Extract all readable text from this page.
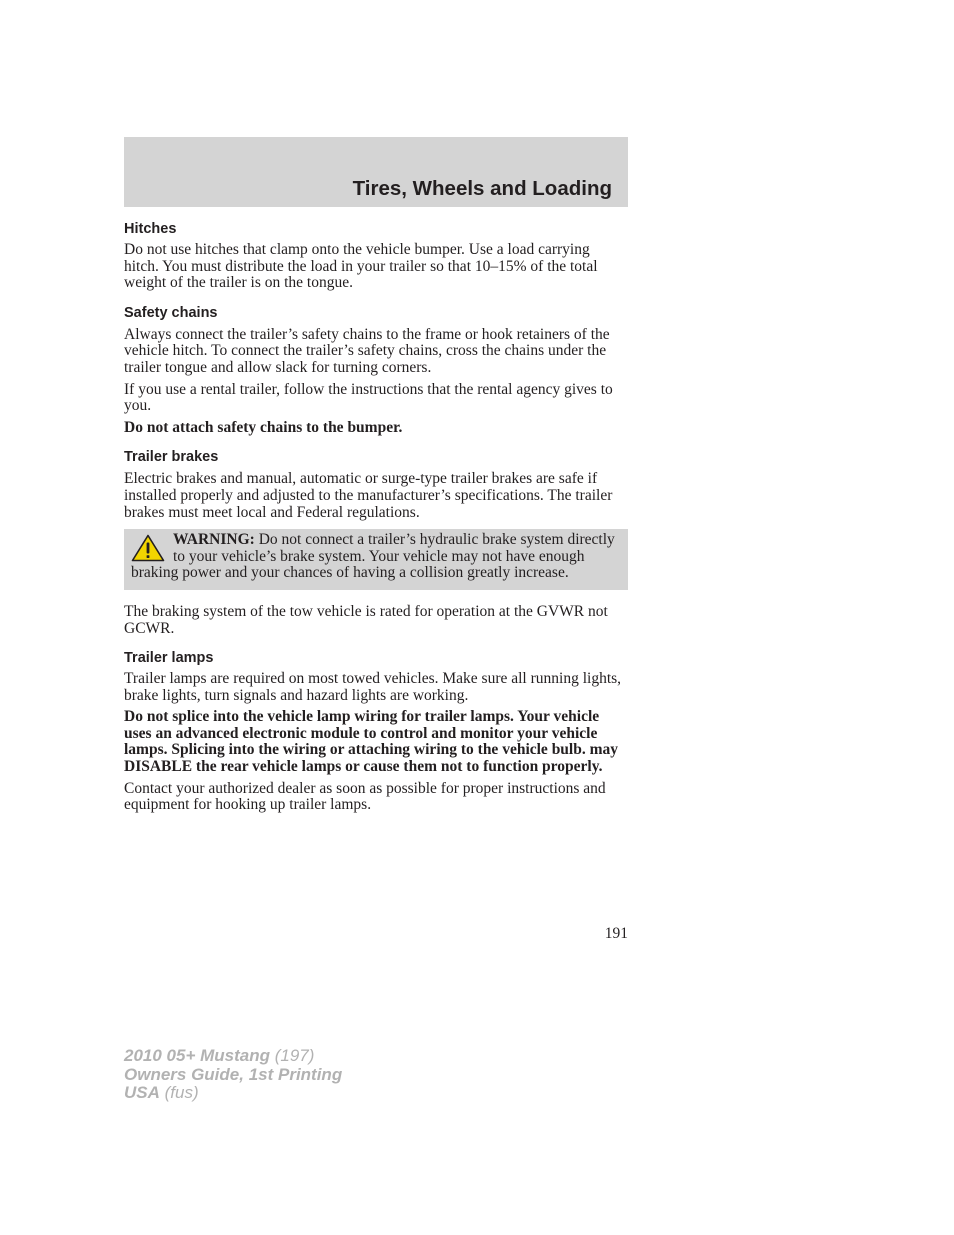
Tires, Wheels and Loading
Hitches

Do not use hitches that clamp onto the vehicle bumper. Use a load carrying hitch. You must distribute the load in your trailer so that 10–15% of the total weight of the trailer is on the tongue.

Safety chains

Always connect the trailer’s safety chains to the frame or hook retainers of the vehicle hitch. To connect the trailer’s safety chains, cross the chains under the trailer tongue and allow slack for turning corners.

If you use a rental trailer, follow the instructions that the rental agency gives to you.

Do not attach safety chains to the bumper.

Trailer brakes

Electric brakes and manual, automatic or surge-type trailer brakes are safe if installed properly and adjusted to the manufacturer’s specifications. The trailer brakes must meet local and Federal regulations.

WARNING: Do not connect a trailer’s hydraulic brake system directly to your vehicle’s brake system. Your vehicle may not have enough braking power and your chances of having a collision greatly increase.

The braking system of the tow vehicle is rated for operation at the GVWR not GCWR.

Trailer lamps

Trailer lamps are required on most towed vehicles. Make sure all running lights, brake lights, turn signals and hazard lights are working.

Do not splice into the vehicle lamp wiring for trailer lamps. Your vehicle uses an advanced electronic module to control and monitor your vehicle lamps. Splicing into the wiring or attaching wiring to the vehicle bulb. may DISABLE the rear vehicle lamps or cause them not to function properly.

Contact your authorized dealer as soon as possible for proper instructions and equipment for hooking up trailer lamps.

191

2010 05+ Mustang (197)
Owners Guide, 1st Printing
USA (fus)
